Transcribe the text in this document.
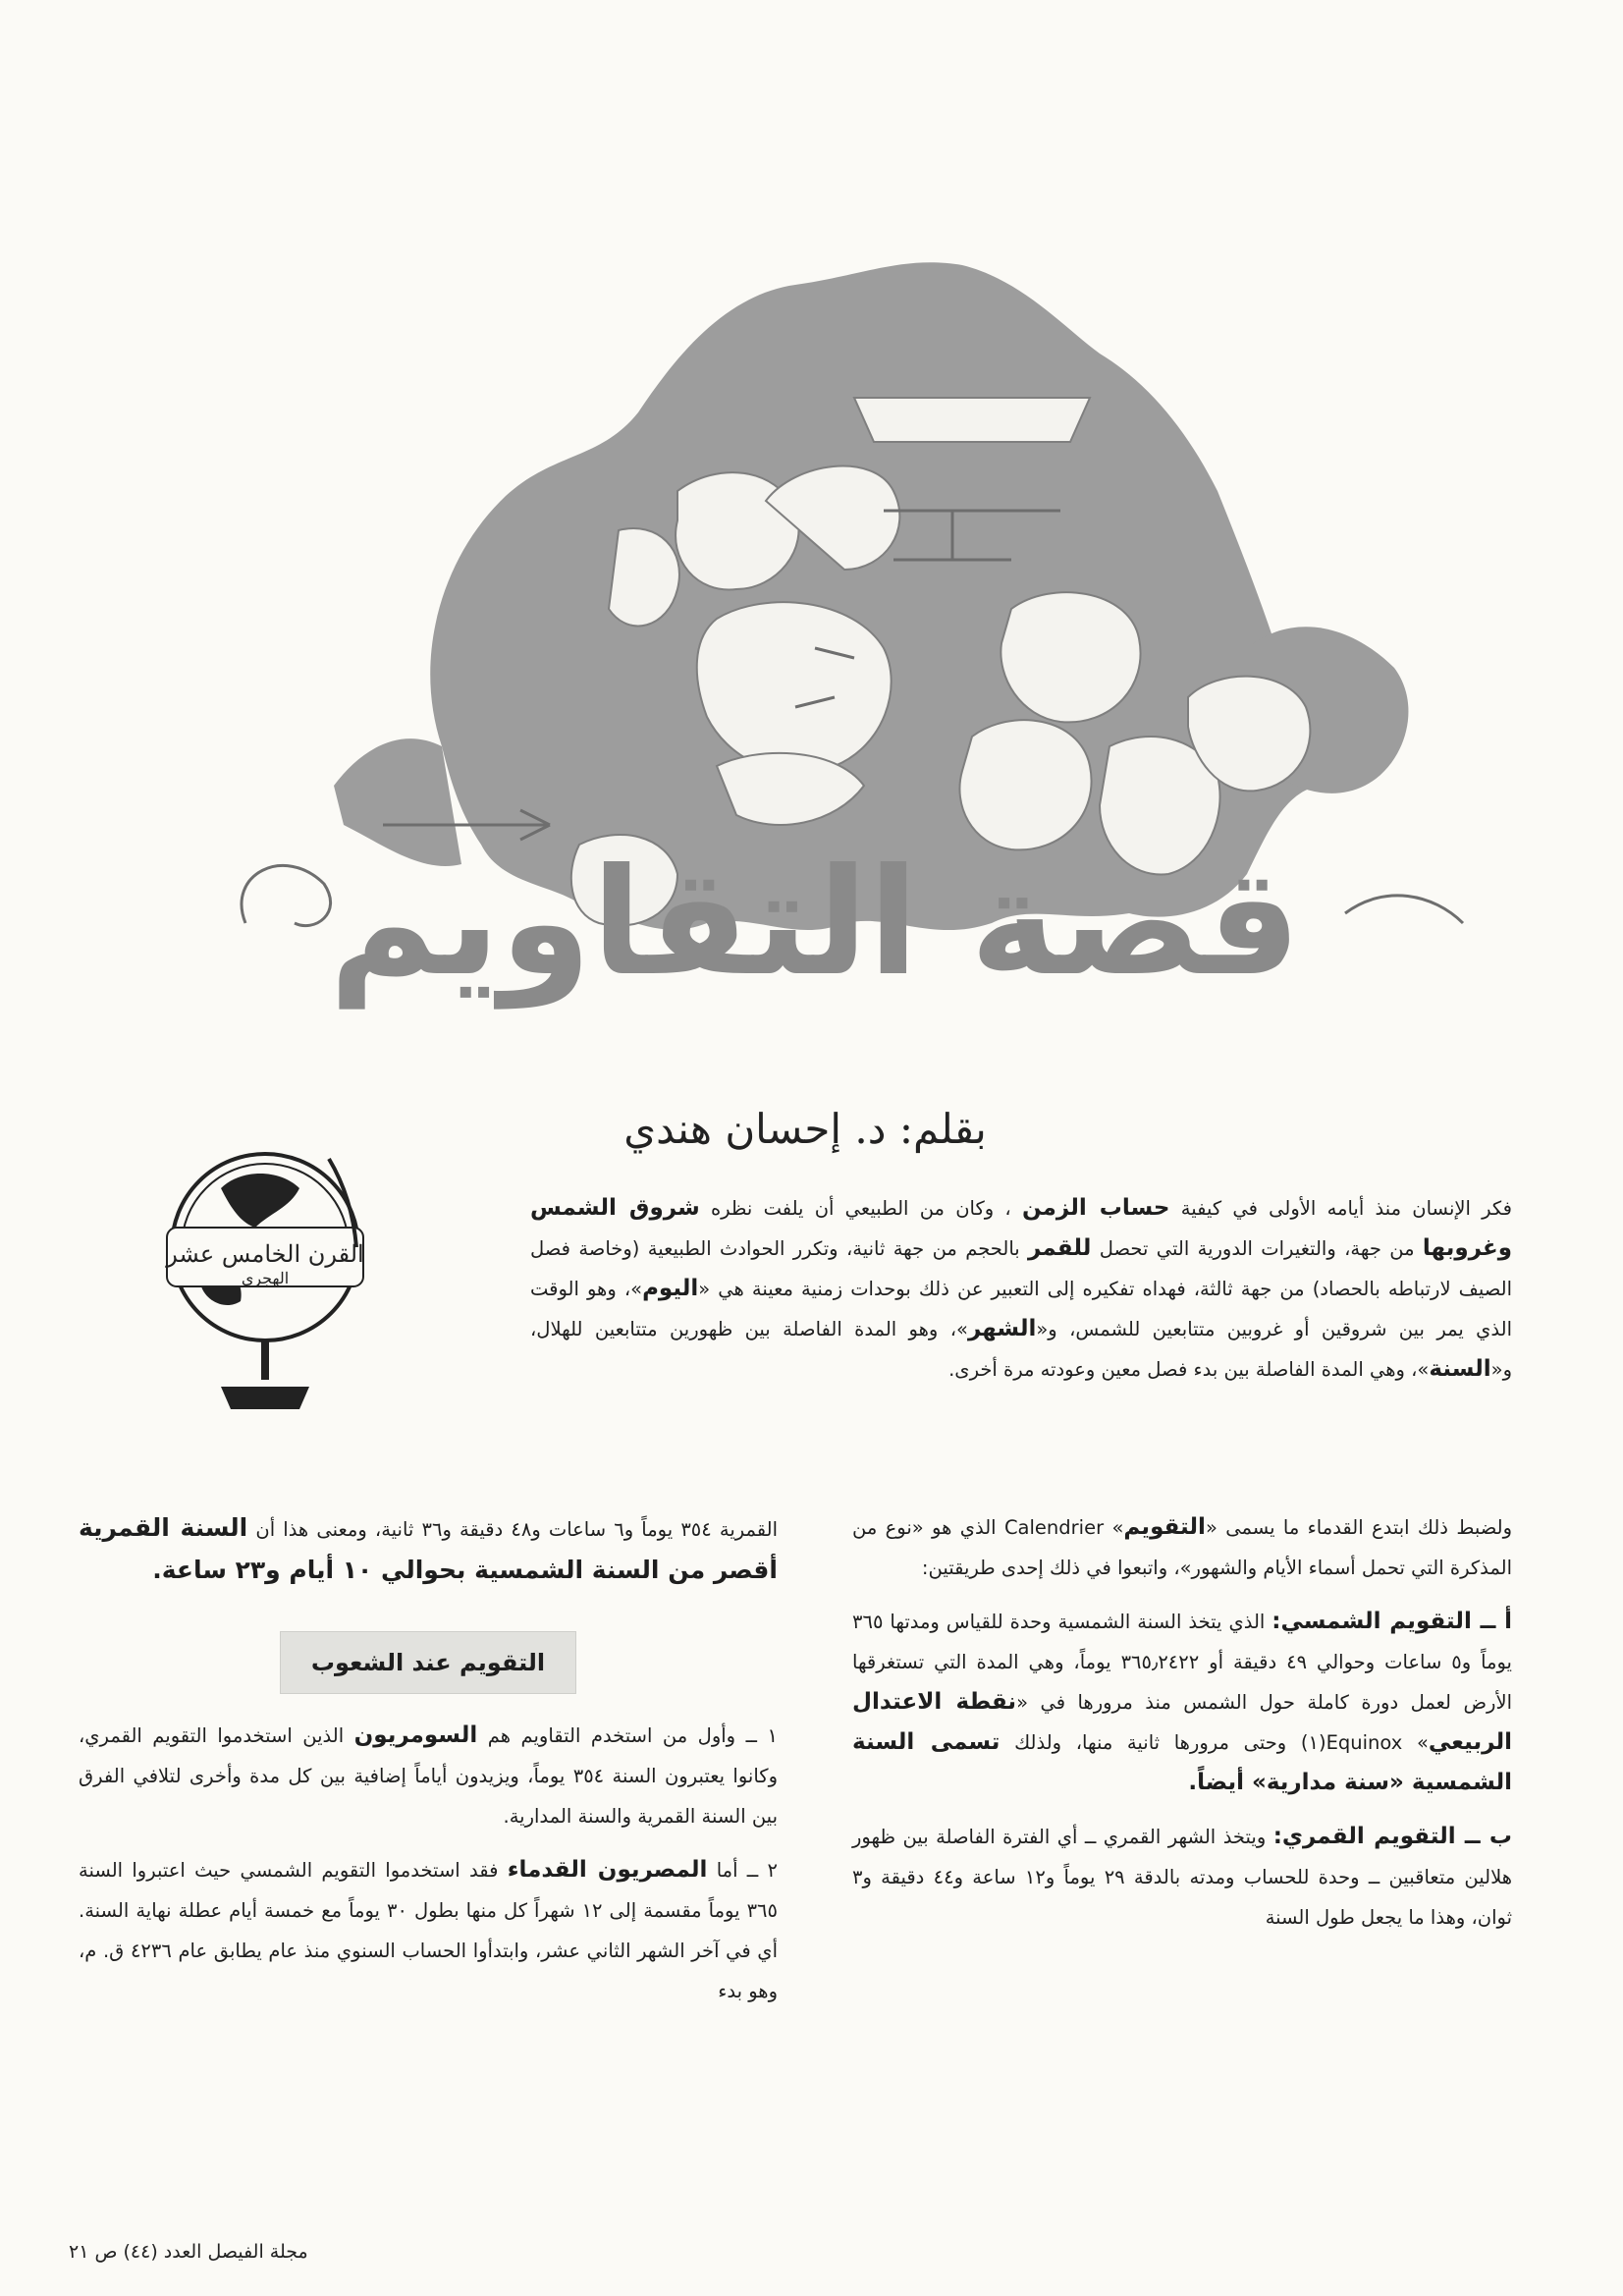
قصة التقاويم
بقلم: د. إحسان هندي
القرن الخامس عشر
الهجري
فكر الإنسان منذ أيامه الأولى في كيفية حساب الزمن ، وكان من الطبيعي أن يلفت نظره شروق الشمس وغروبها من جهة، والتغيرات الدورية التي تحصل للقمر بالحجم من جهة ثانية، وتكرر الحوادث الطبيعية (وخاصة فصل الصيف لارتباطه بالحصاد) من جهة ثالثة، فهداه تفكيره إلى التعبير عن ذلك بوحدات زمنية معينة هي «اليوم»، وهو الوقت الذي يمر بين شروقين أو غروبين متتابعين للشمس، و«الشهر»، وهو المدة الفاصلة بين ظهورين متتابعين للهلال، و«السنة»، وهي المدة الفاصلة بين بدء فصل معين وعودته مرة أخرى.

ولضبط ذلك ابتدع القدماء ما يسمى «التقويم» Calendrier الذي هو «نوع من المذكرة التي تحمل أسماء الأيام والشهور»، واتبعوا في ذلك إحدى طريقتين:

أ ــ التقويم الشمسي: الذي يتخذ السنة الشمسية وحدة للقياس ومدتها ٣٦٥ يوماً و٥ ساعات وحوالي ٤٩ دقيقة أو ٣٦٥٫٢٤٢٢ يوماً، وهي المدة التي تستغرقها الأرض لعمل دورة كاملة حول الشمس منذ مرورها في «نقطة الاعتدال الربيعي» Equinox(١) وحتى مرورها ثانية منها، ولذلك تسمى السنة الشمسية «سنة مدارية» أيضاً.

ب ــ التقويم القمري: ويتخذ الشهر القمري ــ أي الفترة الفاصلة بين ظهور هلالين متعاقبين ــ وحدة للحساب ومدته بالدقة ٢٩ يوماً و١٢ ساعة و٤٤ دقيقة و٣ ثوان، وهذا ما يجعل طول السنة

القمرية ٣٥٤ يوماً و٦ ساعات و٤٨ دقيقة و٣٦ ثانية، ومعنى هذا أن السنة القمرية أقصر من السنة الشمسية بحوالي ١٠ أيام و٢٣ ساعة.

التقويم عند الشعوب

١ ــ وأول من استخدم التقاويم هم السومريون الذين استخدموا التقويم القمري، وكانوا يعتبرون السنة ٣٥٤ يوماً، ويزيدون أياماً إضافية بين كل مدة وأخرى لتلافي الفرق بين السنة القمرية والسنة المدارية.

٢ ــ أما المصريون القدماء فقد استخدموا التقويم الشمسي حيث اعتبروا السنة ٣٦٥ يوماً مقسمة إلى ١٢ شهراً كل منها بطول ٣٠ يوماً مع خمسة أيام عطلة نهاية السنة. أي في آخر الشهر الثاني عشر، وابتدأوا الحساب السنوي منذ عام يطابق عام ٤٢٣٦ ق. م، وهو بدء

مجلة الفيصل العدد (٤٤) ص ٢١
